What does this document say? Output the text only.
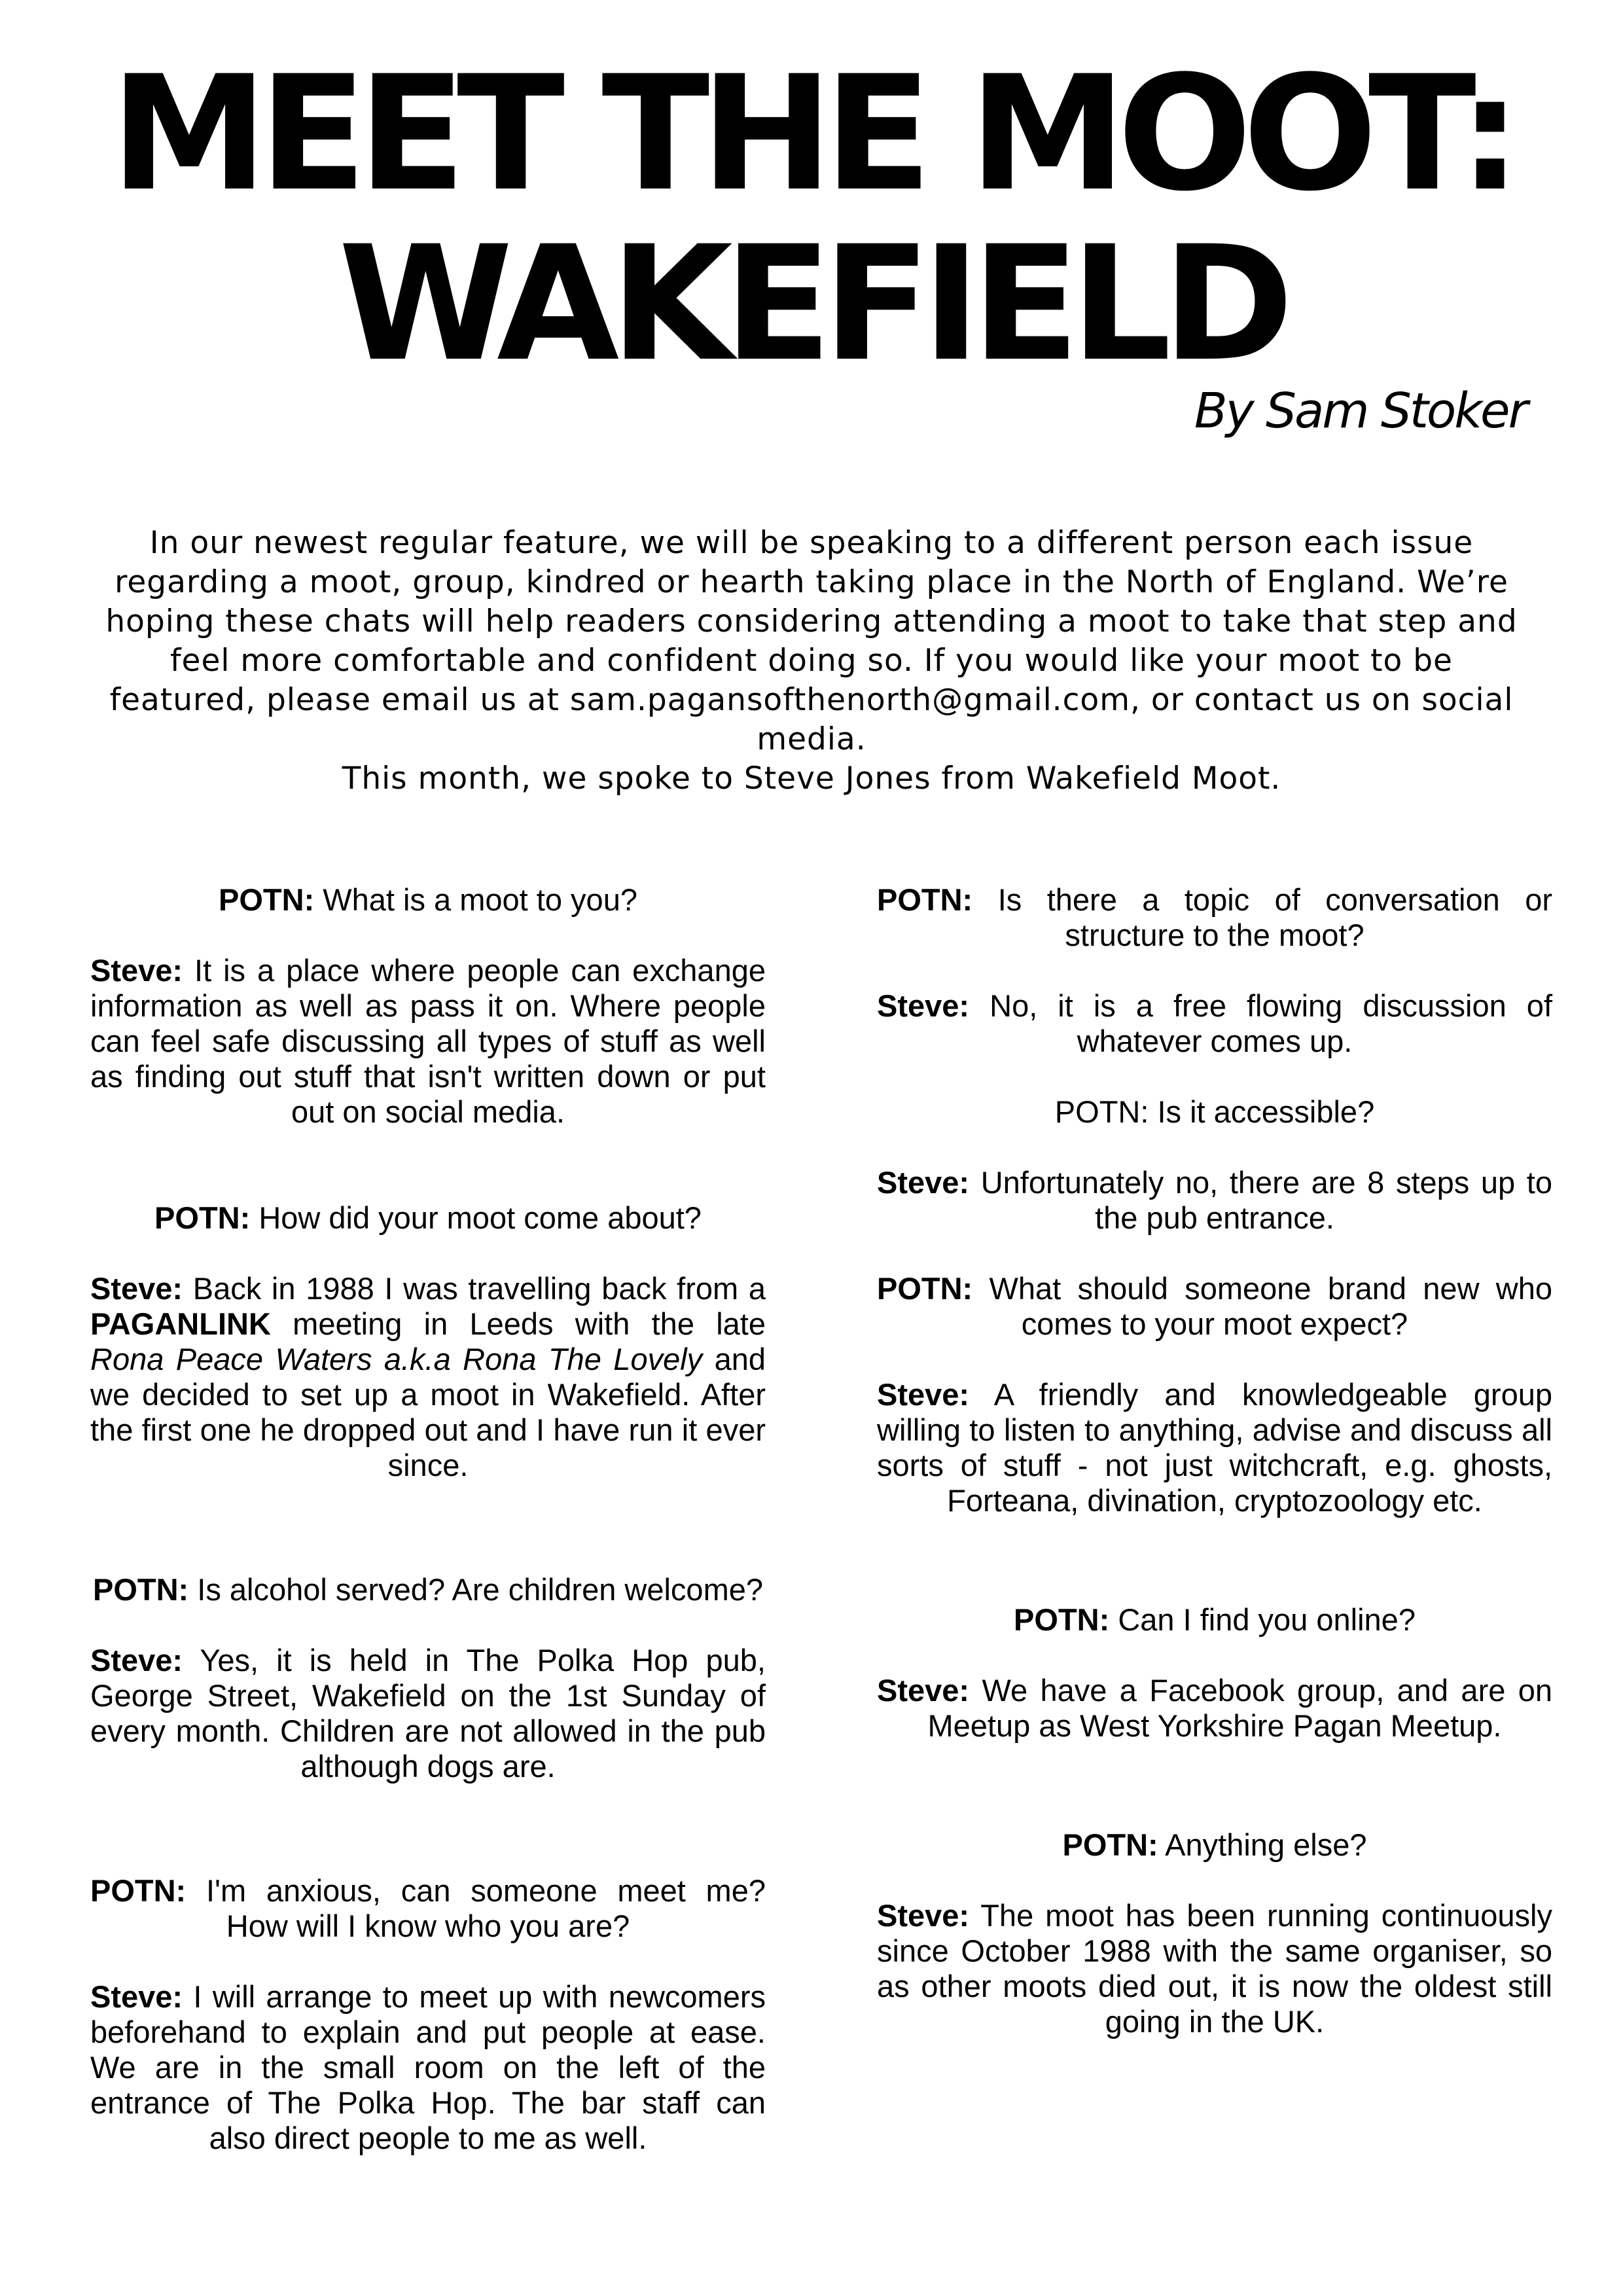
MEET THE MOOT:
WAKEFIELD

By Sam Stoker

In our newest regular feature, we will be speaking to a different person each issue regarding a moot, group, kindred or hearth taking place in the North of England. We’re hoping these chats will help readers considering attending a moot to take that step and feel more comfortable and confident doing so. If you would like your moot to be featured, please email us at sam.pagansofthenorth@gmail.com, or contact us on social media.

This month, we spoke to Steve Jones from Wakefield Moot.

POTN: What is a moot to you?

Steve: It is a place where people can exchange information as well as pass it on. Where people can feel safe discussing all types of stuff as well as finding out stuff that isn't written down or put out on social media.

POTN: How did your moot come about?

Steve: Back in 1988 I was travelling back from a PAGANLINK meeting in Leeds with the late Rona Peace Waters a.k.a Rona The Lovely and we decided to set up a moot in Wakefield. After the first one he dropped out and I have run it ever since.

POTN: Is alcohol served? Are children welcome?

Steve: Yes, it is held in The Polka Hop pub, George Street, Wakefield on the 1st Sunday of every month. Children are not allowed in the pub although dogs are.

POTN: I'm anxious, can someone meet me? How will I know who you are?

Steve: I will arrange to meet up with newcomers beforehand to explain and put people at ease. We are in the small room on the left of the entrance of The Polka Hop. The bar staff can also direct people to me as well.

POTN: Is there a topic of conversation or structure to the moot?

Steve: No, it is a free flowing discussion of whatever comes up.

POTN: Is it accessible?

Steve: Unfortunately no, there are 8 steps up to the pub entrance.

POTN: What should someone brand new who comes to your moot expect?

Steve: A friendly and knowledgeable group willing to listen to anything, advise and discuss all sorts of stuff - not just witchcraft, e.g. ghosts, Forteana, divination, cryptozoology etc.

POTN: Can I find you online?

Steve: We have a Facebook group, and are on Meetup as West Yorkshire Pagan Meetup.

POTN: Anything else?

Steve: The moot has been running continuously since October 1988 with the same organiser, so as other moots died out, it is now the oldest still going in the UK.
